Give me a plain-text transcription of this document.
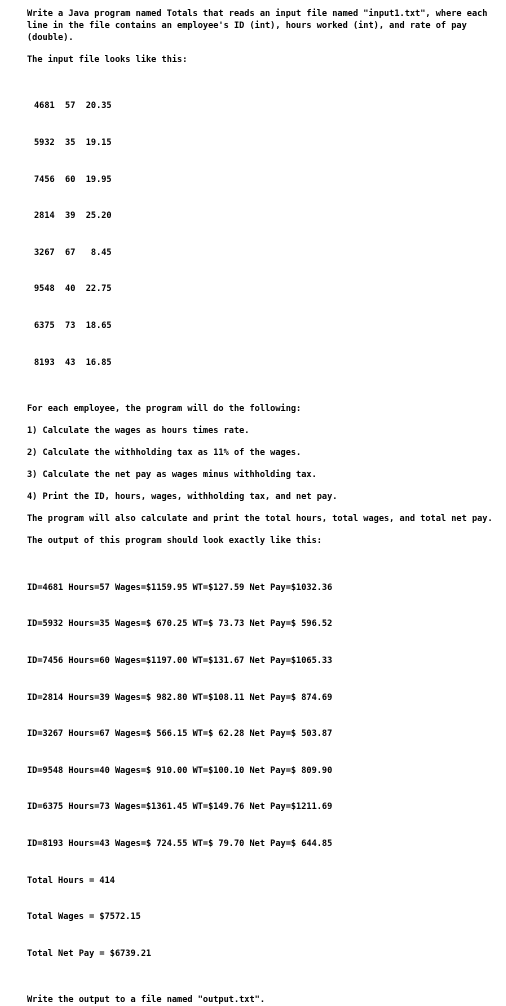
Write a Java program named Totals that reads an input file named "input1.txt", where each line in the file contains an employee's ID (int), hours worked (int), and rate of pay (double).

The input file looks like this:

4681  57  20.35

5932  35  19.15

7456  60  19.95

2814  39  25.20

3267  67   8.45

9548  40  22.75

6375  73  18.65

8193  43  16.85

For each employee, the program will do the following:

1) Calculate the wages as hours times rate.

2) Calculate the withholding tax as 11% of the wages.

3) Calculate the net pay as wages minus withholding tax.

4) Print the ID, hours, wages, withholding tax, and net pay.

The program will also calculate and print the total hours, total wages, and total net pay.

The output of this program should look exactly like this:

ID=4681 Hours=57 Wages=$1159.95 WT=$127.59 Net Pay=$1032.36

ID=5932 Hours=35 Wages=$ 670.25 WT=$ 73.73 Net Pay=$ 596.52

ID=7456 Hours=60 Wages=$1197.00 WT=$131.67 Net Pay=$1065.33

ID=2814 Hours=39 Wages=$ 982.80 WT=$108.11 Net Pay=$ 874.69

ID=3267 Hours=67 Wages=$ 566.15 WT=$ 62.28 Net Pay=$ 503.87

ID=9548 Hours=40 Wages=$ 910.00 WT=$100.10 Net Pay=$ 809.90

ID=6375 Hours=73 Wages=$1361.45 WT=$149.76 Net Pay=$1211.69

ID=8193 Hours=43 Wages=$ 724.55 WT=$ 79.70 Net Pay=$ 644.85

Total Hours = 414

Total Wages = $7572.15

Total Net Pay = $6739.21

Write the output to a file named "output.txt".
